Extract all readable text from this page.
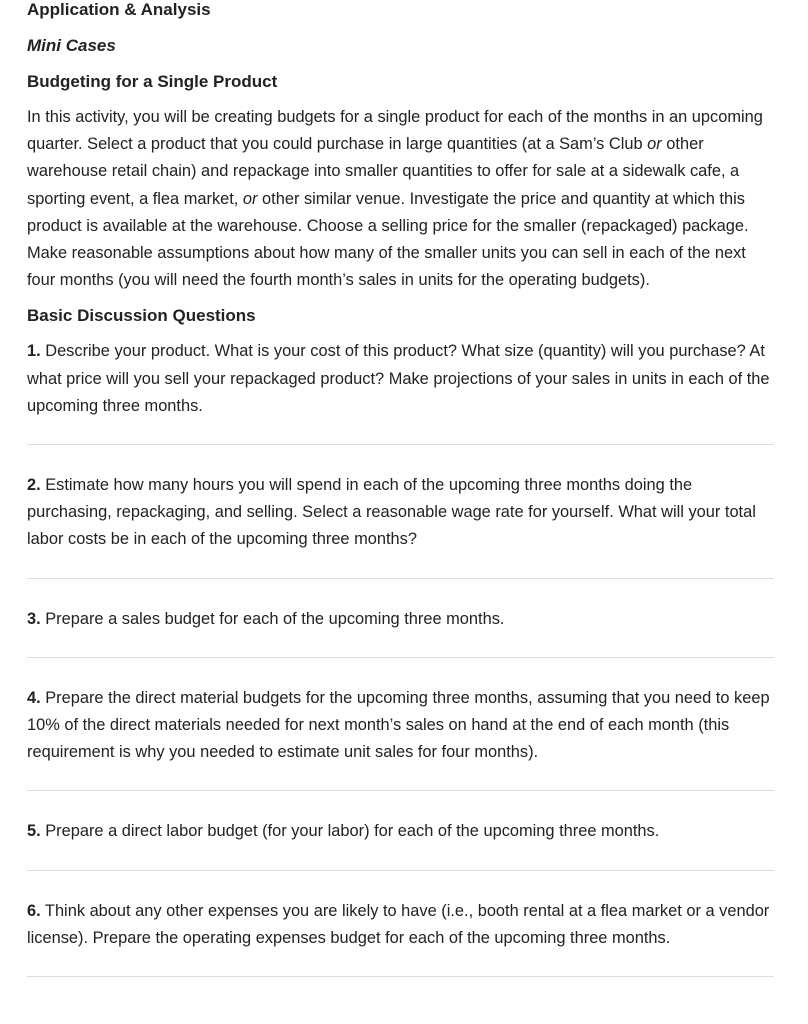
Application & Analysis
Mini Cases
Budgeting for a Single Product

In this activity, you will be creating budgets for a single product for each of the months in an upcoming quarter. Select a product that you could purchase in large quantities (at a Sam’s Club or other warehouse retail chain) and repackage into smaller quantities to offer for sale at a sidewalk cafe, a sporting event, a flea market, or other similar venue. Investigate the price and quantity at which this product is available at the warehouse. Choose a selling price for the smaller (repackaged) package. Make reasonable assumptions about how many of the smaller units you can sell in each of the next four months (you will need the fourth month’s sales in units for the operating budgets).

Basic Discussion Questions

1. Describe your product. What is your cost of this product? What size (quantity) will you purchase? At what price will you sell your repackaged product? Make projections of your sales in units in each of the upcoming three months.

2. Estimate how many hours you will spend in each of the upcoming three months doing the purchasing, repackaging, and selling. Select a reasonable wage rate for yourself. What will your total labor costs be in each of the upcoming three months?

3. Prepare a sales budget for each of the upcoming three months.

4. Prepare the direct material budgets for the upcoming three months, assuming that you need to keep 10% of the direct materials needed for next month’s sales on hand at the end of each month (this requirement is why you needed to estimate unit sales for four months).

5. Prepare a direct labor budget (for your labor) for each of the upcoming three months.

6. Think about any other expenses you are likely to have (i.e., booth rental at a flea market or a vendor license). Prepare the operating expenses budget for each of the upcoming three months.
